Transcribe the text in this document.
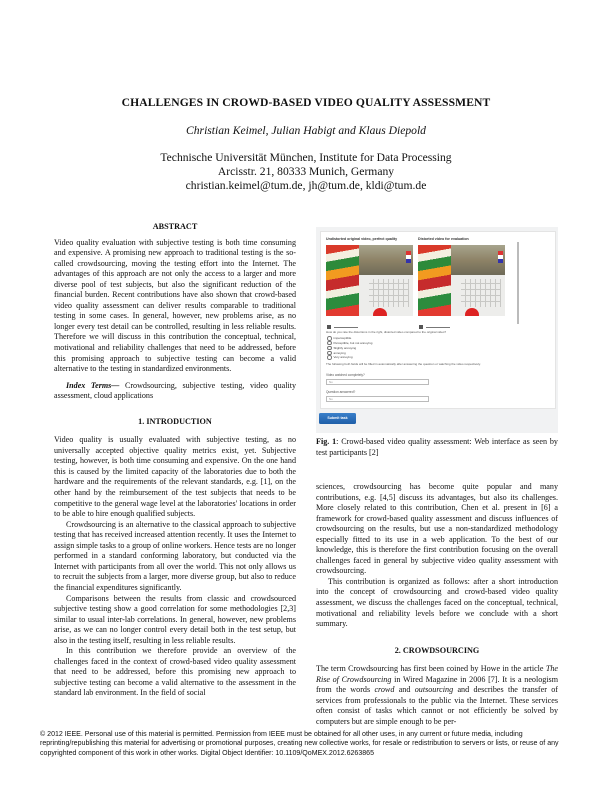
CHALLENGES IN CROWD-BASED VIDEO QUALITY ASSESSMENT
Christian Keimel, Julian Habigt and Klaus Diepold
Technische Universität München, Institute for Data Processing
Arcisstr. 21, 80333 Munich, Germany
christian.keimel@tum.de, jh@tum.de, kldi@tum.de
ABSTRACT

Video quality evaluation with subjective testing is both time consuming and expensive. A promising new approach to traditional testing is the so-called crowdsourcing, moving the testing effort into the Internet. The advantages of this approach are not only the access to a larger and more diverse pool of test subjects, but also the significant reduction of the financial burden. Recent contributions have also shown that crowd-based video quality assessment can deliver results comparable to traditional testing in some cases. In general, however, new problems arise, as no longer every test detail can be controlled, resulting in less reliable results. Therefore we will discuss in this contribution the conceptual, technical, motivational and reliability challenges that need to be addressed, before this promising approach to subjective testing can become a valid alternative to the testing in standardized environments.

Index Terms— Crowdsourcing, subjective testing, video quality assessment, cloud applications

1. INTRODUCTION

Video quality is usually evaluated with subjective testing, as no universally accepted objective quality metrics exist, yet. Subjective testing, however, is both time consuming and expensive. On the one hand this is caused by the limited capacity of the laboratories due to both the hardware and the requirements of the relevant standards, e.g. [1], on the other hand by the reimbursement of the test subjects that needs to be competitive to the general wage level at the laboratories' locations in order to be able to hire enough qualified subjects.

Crowdsourcing is an alternative to the classical approach to subjective testing that has received increased attention recently. It uses the Internet to assign simple tasks to a group of online workers. Hence tests are no longer performed in a standard conforming laboratory, but conducted via the Internet with participants from all over the world. This not only allows us to recruit the subjects from a larger, more diverse group, but also to reduce the financial expenditures significantly.

Comparisons between the results from classic and crowdsourced subjective testing show a good correlation for some methodologies [2,3] similar to usual inter-lab correlations. In general, however, new problems arise, as we can no longer control every detail both in the test setup, but also in the testing itself, resulting in less reliable results.

In this contribution we therefore provide an overview of the challenges faced in the context of crowd-based video quality assessment that need to be addressed, before this promising new approach to subjective testing can become a valid alternative to the assessment in the standard lab environment. In the field of social

Undistorted original video, perfect quality	Distorted video for evaluation
How do you rate the distortions in the right, distorted video compared to the original video?
imperceptible
Perceptible, but not annoying
Slightly annoying
annoying
Very annoying
The following both fields will be filled in automatically after answering the question or watching the video respectively.
Video watched completely?
No
Question answered?
No
Submit task
Fig. 1: Crowd-based video quality assessment: Web interface as seen by test participants [2]

sciences, crowdsourcing has become quite popular and many contributions, e.g. [4,5] discuss its advantages, but also its challenges. More closely related to this contribution, Chen et al. present in [6] a framework for crowd-based quality assessment and discuss influences of crowdsourcing on the results, but use a non-standardized methodology especially fitted to its use in a web application. To the best of our knowledge, this is therefore the first contribution focusing on the overall challenges faced in general by subjective video quality assessment with crowdsourcing.

This contribution is organized as follows: after a short introduction into the concept of crowdsourcing and crowd-based video quality assessment, we discuss the challenges faced on the conceptual, technical, motivational and reliability levels before we conclude with a short summary.

2. CROWDSOURCING

The term Crowdsourcing has first been coined by Howe in the article The Rise of Crowdsourcing in Wired Magazine in 2006 [7]. It is a neologism from the words crowd and outsourcing and describes the transfer of services from professionals to the public via the Internet. These services often consist of tasks which cannot or not efficiently be solved by computers but are simple enough to be per-

© 2012 IEEE. Personal use of this material is permitted. Permission from IEEE must be obtained for all other uses, in any current or future media, including reprinting/republishing this material for advertising or promotional purposes, creating new collective works, for resale or redistribution to servers or lists, or reuse of any copyrighted component of this work in other works. Digital Object Identifier: 10.1109/QoMEX.2012.6263865
